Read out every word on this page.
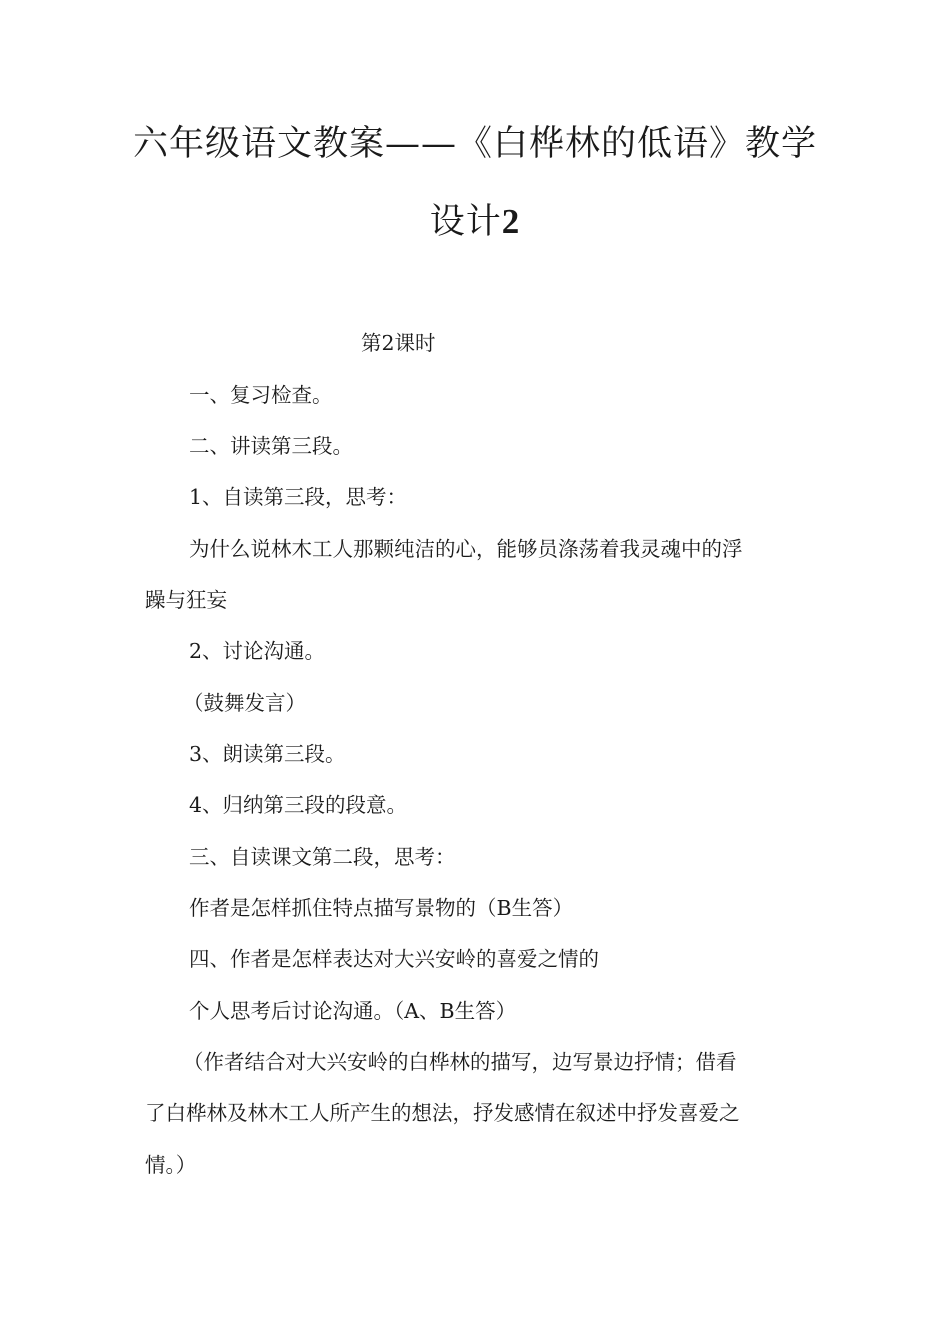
六年级语文教案——《白桦林的低语》教学
设计2
第2课时
一、复习检查。
二、讲读第三段。
1、自读第三段，思考：
为什么说林木工人那颗纯洁的心，能够员涤荡着我灵魂中的浮
躁与狂妄
2、讨论沟通。
（鼓舞发言）
3、朗读第三段。
4、归纳第三段的段意。
三、自读课文第二段，思考：
作者是怎样抓住特点描写景物的（B生答）
四、作者是怎样表达对大兴安岭的喜爱之情的
个人思考后讨论沟通。（A、B生答）
（作者结合对大兴安岭的白桦林的描写，边写景边抒情；借看
了白桦林及林木工人所产生的想法，抒发感情在叙述中抒发喜爱之
情。）
